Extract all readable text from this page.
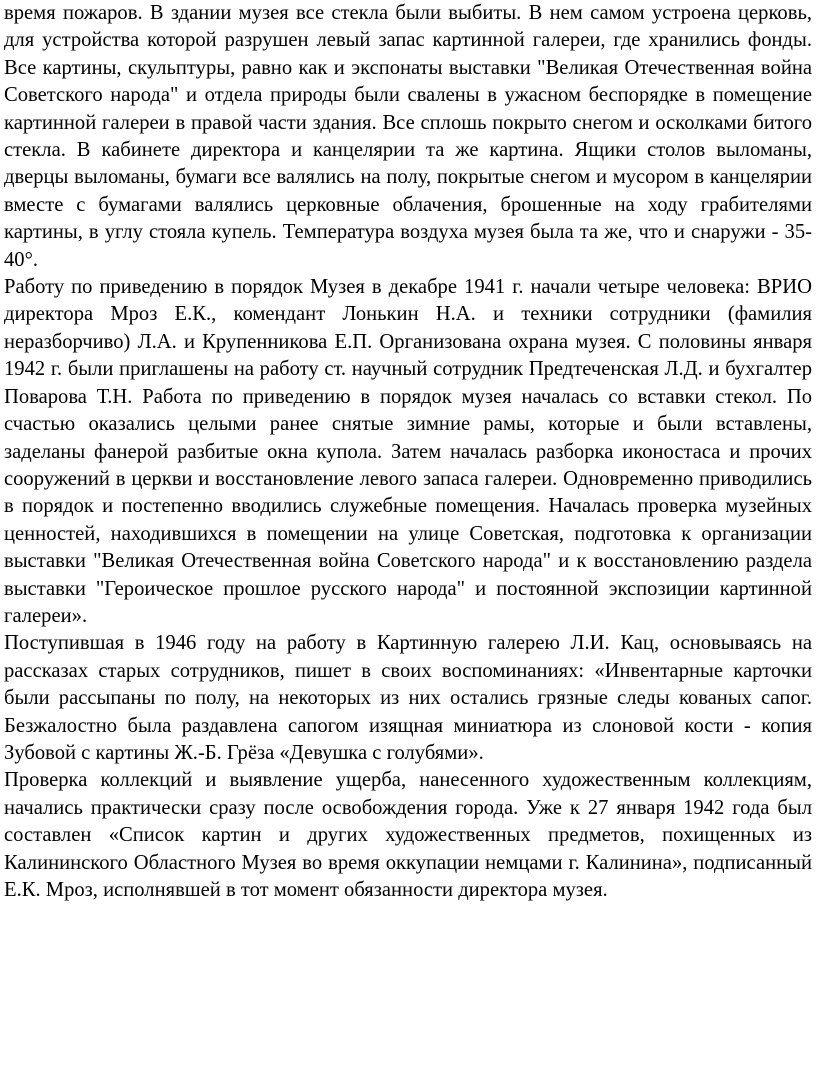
время пожаров. В здании музея все стекла были выбиты. В нем самом устроена церковь, для устройства которой разрушен левый запас картинной галереи, где хранились фонды. Все картины, скульптуры, равно как и экспонаты выставки "Великая Отечественная война Советского народа" и отдела природы были свалены в ужасном беспорядке в помещение картинной галереи в правой части здания. Все сплошь покрыто снегом и осколками битого стекла. В кабинете директора и канцелярии та же картина. Ящики столов выломаны, дверцы выломаны, бумаги все валялись на полу, покрытые снегом и мусором в канцелярии вместе с бумагами валялись церковные облачения, брошенные на ходу грабителями картины, в углу стояла купель. Температура воздуха музея была та же, что и снаружи - 35-40°.

Работу по приведению в порядок Музея в декабре 1941 г. начали четыре человека: ВРИО директора Мроз Е.К., комендант Лонькин Н.А. и техники сотрудники (фамилия неразборчиво) Л.А. и Крупенникова Е.П. Организована охрана музея. С половины января 1942 г. были приглашены на работу ст. научный сотрудник Предтеченская Л.Д. и бухгалтер Поварова Т.Н. Работа по приведению в порядок музея началась со вставки стекол. По счастью оказались целыми ранее снятые зимние рамы, которые и были вставлены, заделаны фанерой разбитые окна купола. Затем началась разборка иконостаса и прочих сооружений в церкви и восстановление левого запаса галереи. Одновременно приводились в порядок и постепенно вводились служебные помещения. Началась проверка музейных ценностей, находившихся в помещении на улице Советская, подготовка к организации выставки "Великая Отечественная война Советского народа" и к восстановлению раздела выставки "Героическое прошлое русского народа" и постоянной экспозиции картинной галереи».

Поступившая в 1946 году на работу в Картинную галерею Л.И. Кац, основываясь на рассказах старых сотрудников, пишет в своих воспоминаниях: «Инвентарные карточки были рассыпаны по полу, на некоторых из них остались грязные следы кованых сапог. Безжалостно была раздавлена сапогом изящная миниатюра из слоновой кости - копия Зубовой с картины Ж.-Б. Грёза «Девушка с голубями».

Проверка коллекций и выявление ущерба, нанесенного художественным коллекциям, начались практически сразу после освобождения города. Уже к 27 января 1942 года был составлен «Список картин и других художественных предметов, похищенных из Калининского Областного Музея во время оккупации немцами г. Калинина», подписанный Е.К. Мроз, исполнявшей в тот момент обязанности директора музея.
